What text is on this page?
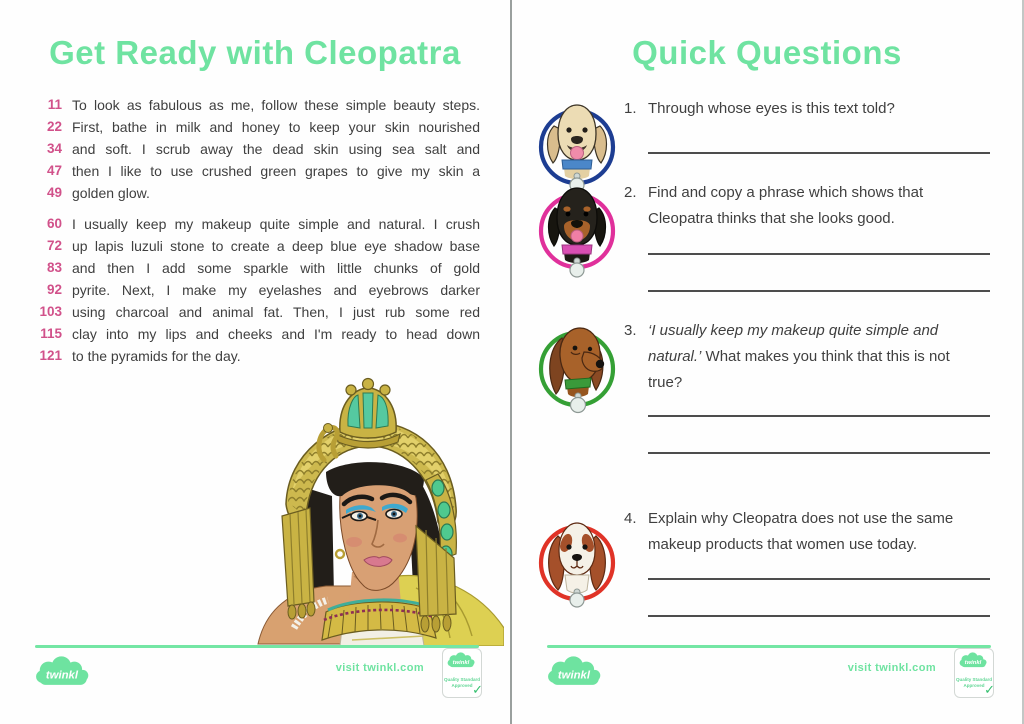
Get Ready with Cleopatra
11 To look as fabulous as me, follow these simple beauty steps.
22 First, bathe in milk and honey to keep your skin nourished
34 and soft. I scrub away the dead skin using sea salt and
47 then I like to use crushed green grapes to give my skin a
49 golden glow.
60 I usually keep my makeup quite simple and natural. I crush
72 up lapis luzuli stone to create a deep blue eye shadow base
83 and then I add some sparkle with little chunks of gold
92 pyrite. Next, I make my eyelashes and eyebrows darker
103 using charcoal and animal fat. Then, I just rub some red
115 clay into my lips and cheeks and I'm ready to head down
121 to the pyramids for the day.
twinkl
visit twinkl.com twinkl
Quality Standard
Approved ✓
Quick Questions
1. Through whose eyes is this text told?
2. Find and copy a phrase which shows that Cleopatra thinks that she looks good.
3. ‘I usually keep my makeup quite simple and natural.’ What makes you think that this is not true?
4. Explain why Cleopatra does not use the same makeup products that women use today.
twinkl
visit twinkl.com twinkl
Quality Standard
Approved ✓
